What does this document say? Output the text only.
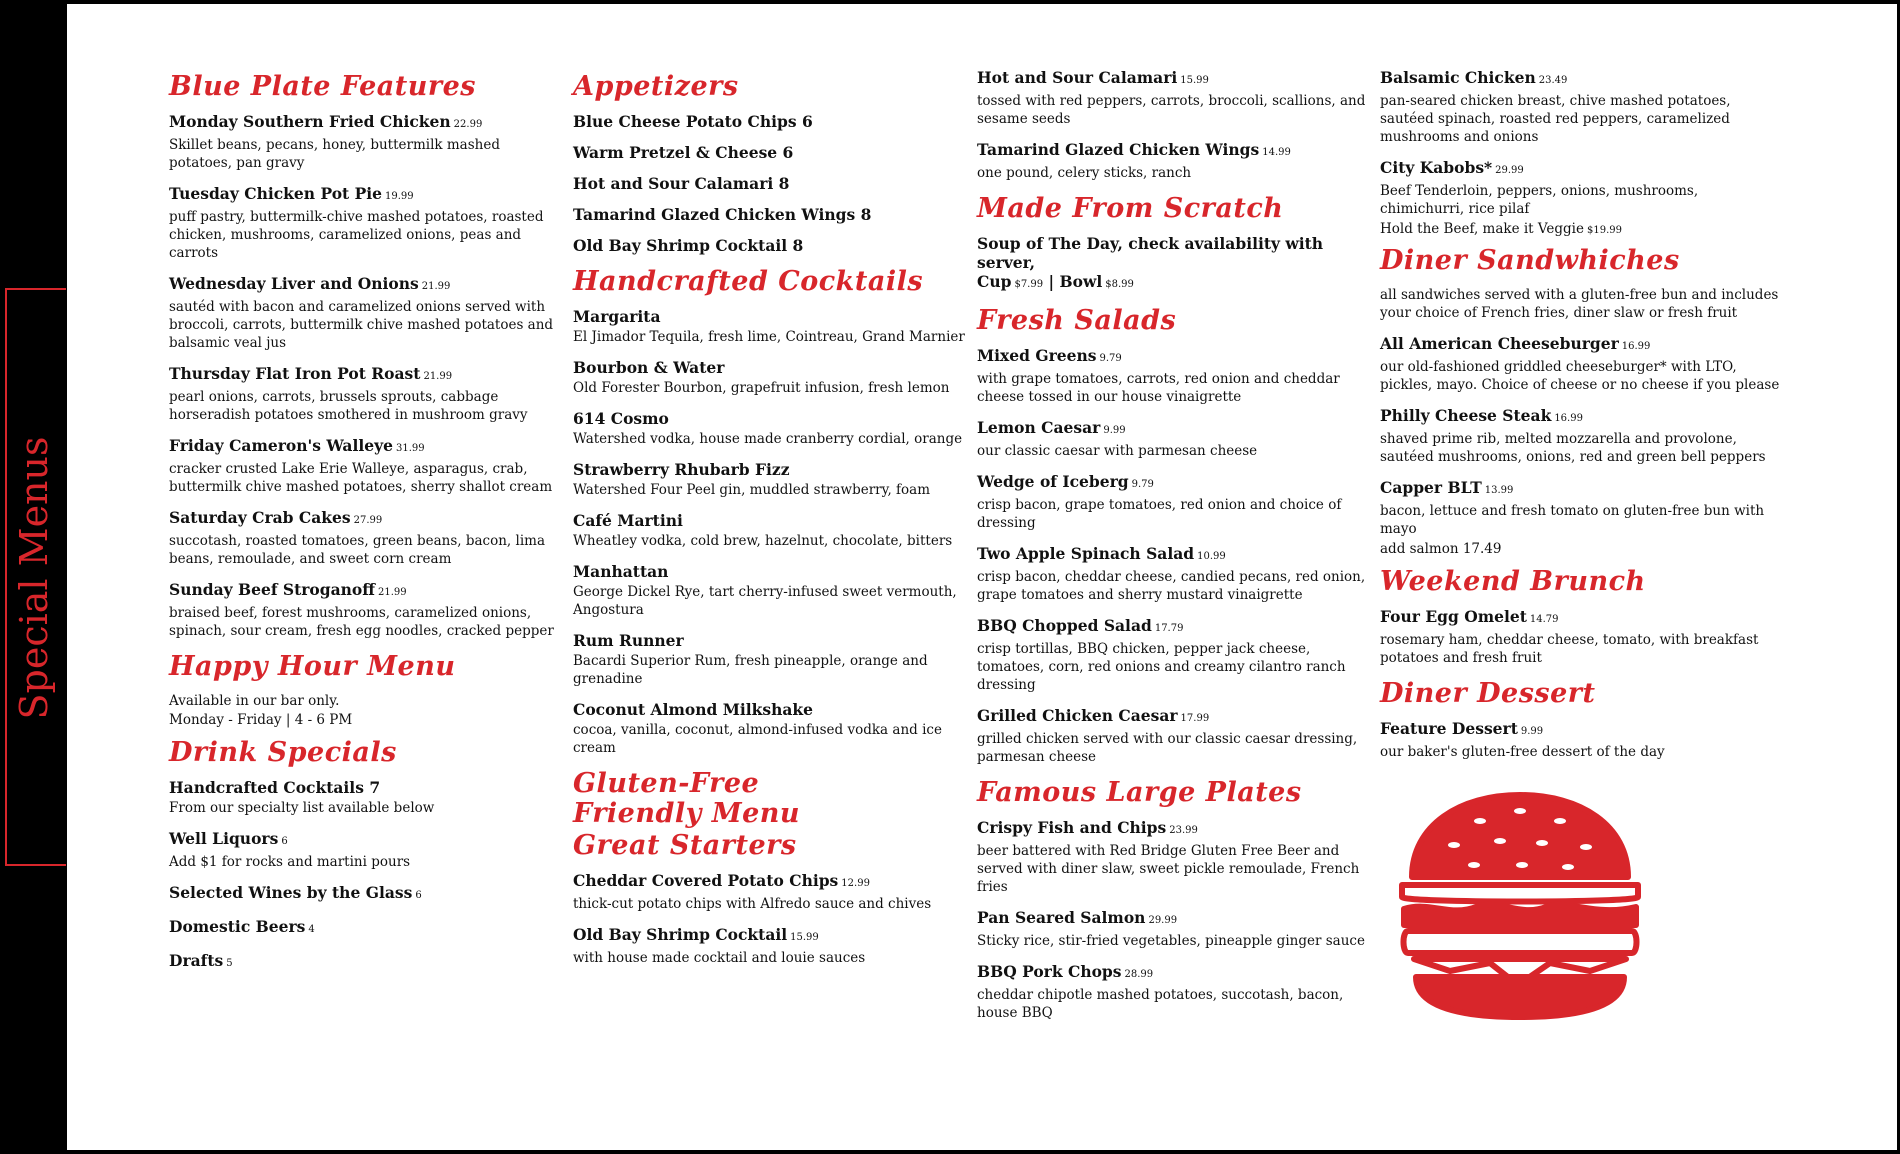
Special Menus
Blue Plate Features
Monday Southern Fried Chicken 22.99
Skillet beans, pecans, honey, buttermilk mashed potatoes, pan gravy
Tuesday Chicken Pot Pie 19.99
puff pastry, buttermilk-chive mashed potatoes, roasted chicken, mushrooms, caramelized onions, peas and carrots
Wednesday Liver and Onions 21.99
sautéd with bacon and caramelized onions served with broccoli, carrots, buttermilk chive mashed potatoes and balsamic veal jus
Thursday Flat Iron Pot Roast 21.99
pearl onions, carrots, brussels sprouts, cabbage horseradish potatoes smothered in mushroom gravy
Friday Cameron's Walleye 31.99
cracker crusted Lake Erie Walleye, asparagus, crab, buttermilk chive mashed potatoes, sherry shallot cream
Saturday Crab Cakes 27.99
succotash, roasted tomatoes, green beans, bacon, lima beans, remoulade, and sweet corn cream
Sunday Beef Stroganoff 21.99
braised beef, forest mushrooms, caramelized onions, spinach, sour cream, fresh egg noodles, cracked pepper
Happy Hour Menu
Available in our bar only.
Monday - Friday | 4 - 6 PM
Drink Specials
Handcrafted Cocktails 7
From our specialty list available below
Well Liquors 6
Add $1 for rocks and martini pours
Selected Wines by the Glass 6
Domestic Beers 4
Drafts 5
Appetizers
Blue Cheese Potato Chips 6
Warm Pretzel & Cheese 6
Hot and Sour Calamari 8
Tamarind Glazed Chicken Wings 8
Old Bay Shrimp Cocktail 8
Handcrafted Cocktails
Margarita
El Jimador Tequila, fresh lime, Cointreau, Grand Marnier
Bourbon & Water
Old Forester Bourbon, grapefruit infusion, fresh lemon
614 Cosmo
Watershed vodka, house made cranberry cordial, orange
Strawberry Rhubarb Fizz
Watershed Four Peel gin, muddled strawberry, foam
Café Martini
Wheatley vodka, cold brew, hazelnut, chocolate, bitters
Manhattan
George Dickel Rye, tart cherry-infused sweet vermouth, Angostura
Rum Runner
Bacardi Superior Rum, fresh pineapple, orange and grenadine
Coconut Almond Milkshake
cocoa, vanilla, coconut, almond-infused vodka and ice cream
Gluten-Free
Friendly Menu
Great Starters
Cheddar Covered Potato Chips 12.99
thick-cut potato chips with Alfredo sauce and chives
Old Bay Shrimp Cocktail 15.99
with house made cocktail and louie sauces
Hot and Sour Calamari 15.99
tossed with red peppers, carrots, broccoli, scallions, and sesame seeds
Tamarind Glazed Chicken Wings 14.99
one pound, celery sticks, ranch
Made From Scratch
Soup of The Day, check availability with server,
Cup $7.99 | Bowl $8.99
Fresh Salads
Mixed Greens 9.79
with grape tomatoes, carrots, red onion and cheddar cheese tossed in our house vinaigrette
Lemon Caesar 9.99
our classic caesar with parmesan cheese
Wedge of Iceberg 9.79
crisp bacon, grape tomatoes, red onion and choice of dressing
Two Apple Spinach Salad 10.99
crisp bacon, cheddar cheese, candied pecans, red onion, grape tomatoes and sherry mustard vinaigrette
BBQ Chopped Salad 17.79
crisp tortillas, BBQ chicken, pepper jack cheese, tomatoes, corn, red onions and creamy cilantro ranch dressing
Grilled Chicken Caesar 17.99
grilled chicken served with our classic caesar dressing, parmesan cheese
Famous Large Plates
Crispy Fish and Chips 23.99
beer battered with Red Bridge Gluten Free Beer and served with diner slaw, sweet pickle remoulade, French fries
Pan Seared Salmon 29.99
Sticky rice, stir-fried vegetables, pineapple ginger sauce
BBQ Pork Chops 28.99
cheddar chipotle mashed potatoes, succotash, bacon, house BBQ
Balsamic Chicken 23.49
pan-seared chicken breast, chive mashed potatoes, sautéed spinach, roasted red peppers, caramelized mushrooms and onions
City Kabobs* 29.99
Beef Tenderloin, peppers, onions, mushrooms, chimichurri, rice pilaf
Hold the Beef, make it Veggie $19.99
Diner Sandwhiches
all sandwiches served with a gluten-free bun and includes your choice of French fries, diner slaw or fresh fruit
All American Cheeseburger 16.99
our old-fashioned griddled cheeseburger* with LTO, pickles, mayo. Choice of cheese or no cheese if you please
Philly Cheese Steak 16.99
shaved prime rib, melted mozzarella and provolone, sautéed mushrooms, onions, red and green bell peppers
Capper BLT 13.99
bacon, lettuce and fresh tomato on gluten-free bun with mayo
add salmon 17.49
Weekend Brunch
Four Egg Omelet 14.79
rosemary ham, cheddar cheese, tomato, with breakfast potatoes and fresh fruit
Diner Dessert
Feature Dessert 9.99
our baker's gluten-free dessert of the day
